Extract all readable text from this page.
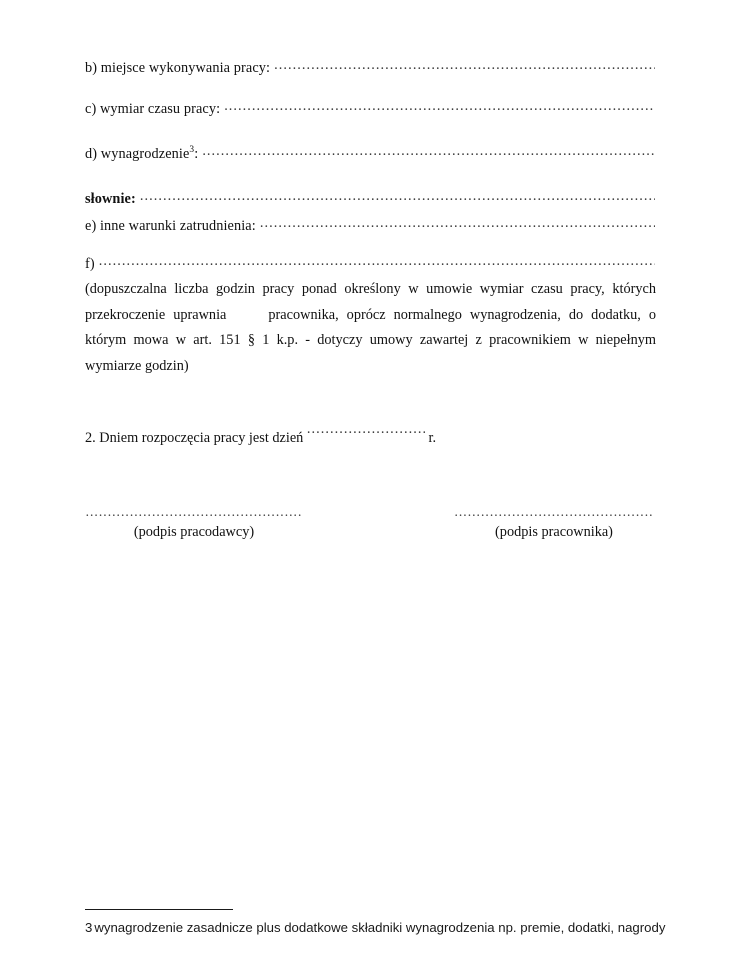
b) miejsce wykonywania pracy:
.....
c) wymiar czasu pracy:
.....
d) wynagrodzenie$^3$:
.....
słownie:
.....
e) inne warunki zatrudnienia:
.....
f)
.....
(dopuszczalna liczba godzin pracy ponad określony w umowie wymiar czasu pracy, których przekroczenie uprawnia	pracownika, oprócz normalnego wynagrodzenia, do dodatku, o którym mowa w art. 151 § 1 k.p. - dotyczy umowy zawartej z pracownikiem w niepełnym wymiarze godzin)
2. Dniem rozpoczęcia pracy jest dzień .....	r.
.................................................
(podpis pracodawcy)
.............................................
(podpis pracownika)
3 wynagrodzenie zasadnicze plus dodatkowe składniki wynagrodzenia np. premie, dodatki, nagrody
